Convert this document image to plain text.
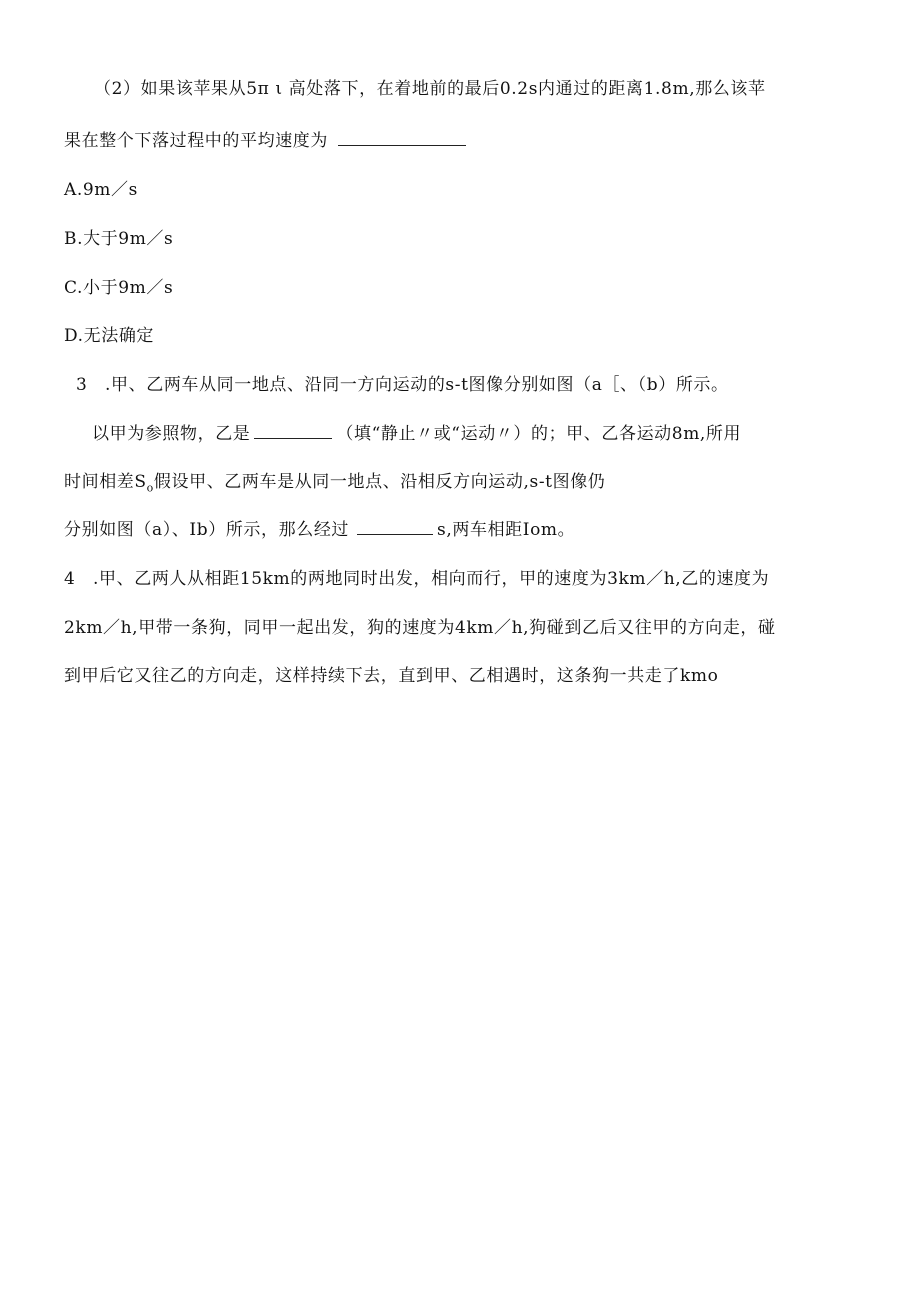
（2）如果该苹果从5π ι 高处落下，在着地前的最后0.2s内通过的距离1.8m,那么该苹
果在整个下落过程中的平均速度为
A.9m／s
B.大于9m／s
C.小于9m／s
D.无法确定
3　.甲、乙两车从同一地点、沿同一方向运动的s-t图像分别如图（a［、（b）所示。
以甲为参照物，乙是	（填“静止〃或“运动〃）的；甲、乙各运动8m,所用
时间相差$S_o$假设甲、乙两车是从同一地点、沿相反方向运动,s-t图像仍
分别如图（a）、Ib）所示，那么经过	s,两车相距Iom。
4　.甲、乙两人从相距15km的两地同时出发，相向而行，甲的速度为3km／h,乙的速度为
2km／h,甲带一条狗，同甲一起出发，狗的速度为4km／h,狗碰到乙后又往甲的方向走，碰
到甲后它又往乙的方向走，这样持续下去，直到甲、乙相遇时，这条狗一共走了kmo
